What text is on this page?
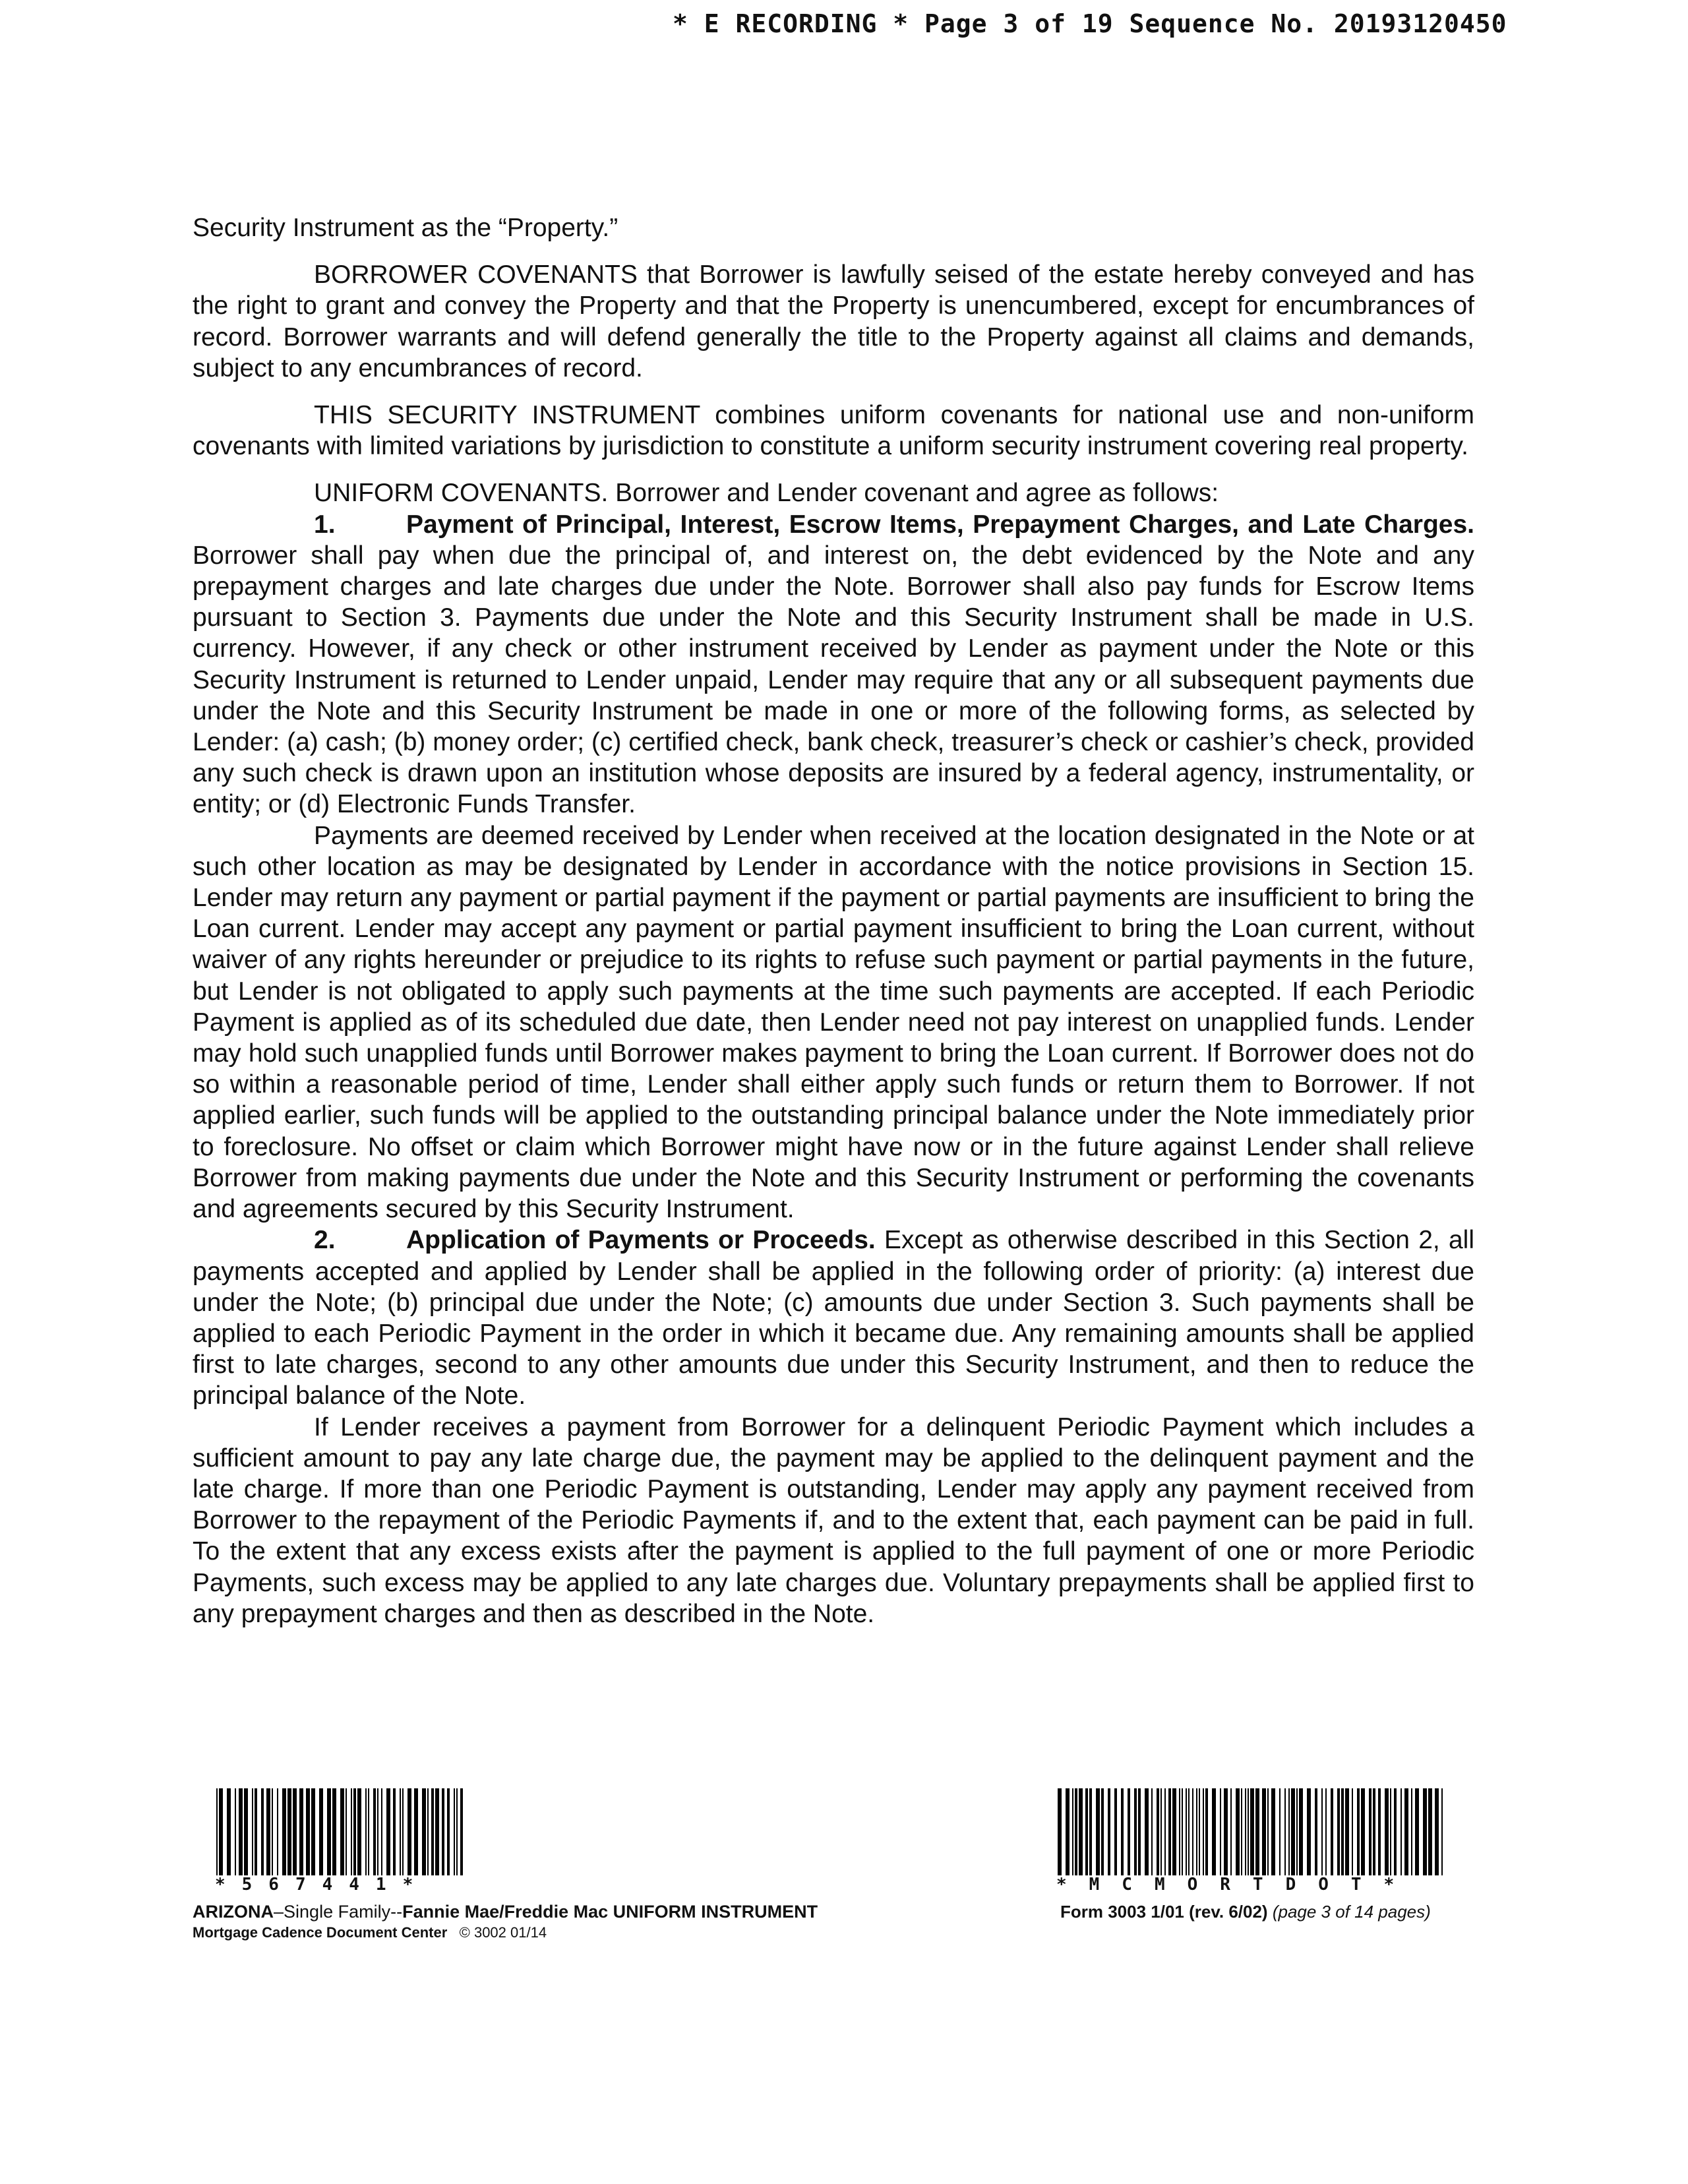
* E RECORDING * Page 3 of 19 Sequence No. 20193120450

Security Instrument as the “Property.”

BORROWER COVENANTS that Borrower is lawfully seised of the estate hereby conveyed and has the right to grant and convey the Property and that the Property is unencumbered, except for encumbrances of record. Borrower warrants and will defend generally the title to the Property against all claims and demands, subject to any encumbrances of record.

THIS SECURITY INSTRUMENT combines uniform covenants for national use and non-uniform covenants with limited variations by jurisdiction to constitute a uniform security instrument covering real property.

UNIFORM COVENANTS. Borrower and Lender covenant and agree as follows:

1.	Payment of Principal, Interest, Escrow Items, Prepayment Charges, and Late Charges. Borrower shall pay when due the principal of, and interest on, the debt evidenced by the Note and any prepayment charges and late charges due under the Note. Borrower shall also pay funds for Escrow Items pursuant to Section 3. Payments due under the Note and this Security Instrument shall be made in U.S. currency. However, if any check or other instrument received by Lender as payment under the Note or this Security Instrument is returned to Lender unpaid, Lender may require that any or all subsequent payments due under the Note and this Security Instrument be made in one or more of the following forms, as selected by Lender: (a) cash; (b) money order; (c) certified check, bank check, treasurer’s check or cashier’s check, provided any such check is drawn upon an institution whose deposits are insured by a federal agency, instrumentality, or entity; or (d) Electronic Funds Transfer.

Payments are deemed received by Lender when received at the location designated in the Note or at such other location as may be designated by Lender in accordance with the notice provisions in Section 15. Lender may return any payment or partial payment if the payment or partial payments are insufficient to bring the Loan current. Lender may accept any payment or partial payment insufficient to bring the Loan current, without waiver of any rights hereunder or prejudice to its rights to refuse such payment or partial payments in the future, but Lender is not obligated to apply such payments at the time such payments are accepted. If each Periodic Payment is applied as of its scheduled due date, then Lender need not pay interest on unapplied funds. Lender may hold such unapplied funds until Borrower makes payment to bring the Loan current. If Borrower does not do so within a reasonable period of time, Lender shall either apply such funds or return them to Borrower. If not applied earlier, such funds will be applied to the outstanding principal balance under the Note immediately prior to foreclosure. No offset or claim which Borrower might have now or in the future against Lender shall relieve Borrower from making payments due under the Note and this Security Instrument or performing the covenants and agreements secured by this Security Instrument.

2.	Application of Payments or Proceeds. Except as otherwise described in this Section 2, all payments accepted and applied by Lender shall be applied in the following order of priority: (a) interest due under the Note; (b) principal due under the Note; (c) amounts due under Section 3. Such payments shall be applied to each Periodic Payment in the order in which it became due. Any remaining amounts shall be applied first to late charges, second to any other amounts due under this Security Instrument, and then to reduce the principal balance of the Note.

If Lender receives a payment from Borrower for a delinquent Periodic Payment which includes a sufficient amount to pay any late charge due, the payment may be applied to the delinquent payment and the late charge. If more than one Periodic Payment is outstanding, Lender may apply any payment received from Borrower to the repayment of the Periodic Payments if, and to the extent that, each payment can be paid in full. To the extent that any excess exists after the payment is applied to the full payment of one or more Periodic Payments, such excess may be applied to any late charges due. Voluntary prepayments shall be applied first to any prepayment charges and then as described in the Note.

*567441*	*MCMORTDOT*
ARIZONA–Single Family--Fannie Mae/Freddie Mac UNIFORM INSTRUMENT
Mortgage Cadence Document Center © 3002 01/14
Form 3003 1/01 (rev. 6/02) (page 3 of 14 pages)
